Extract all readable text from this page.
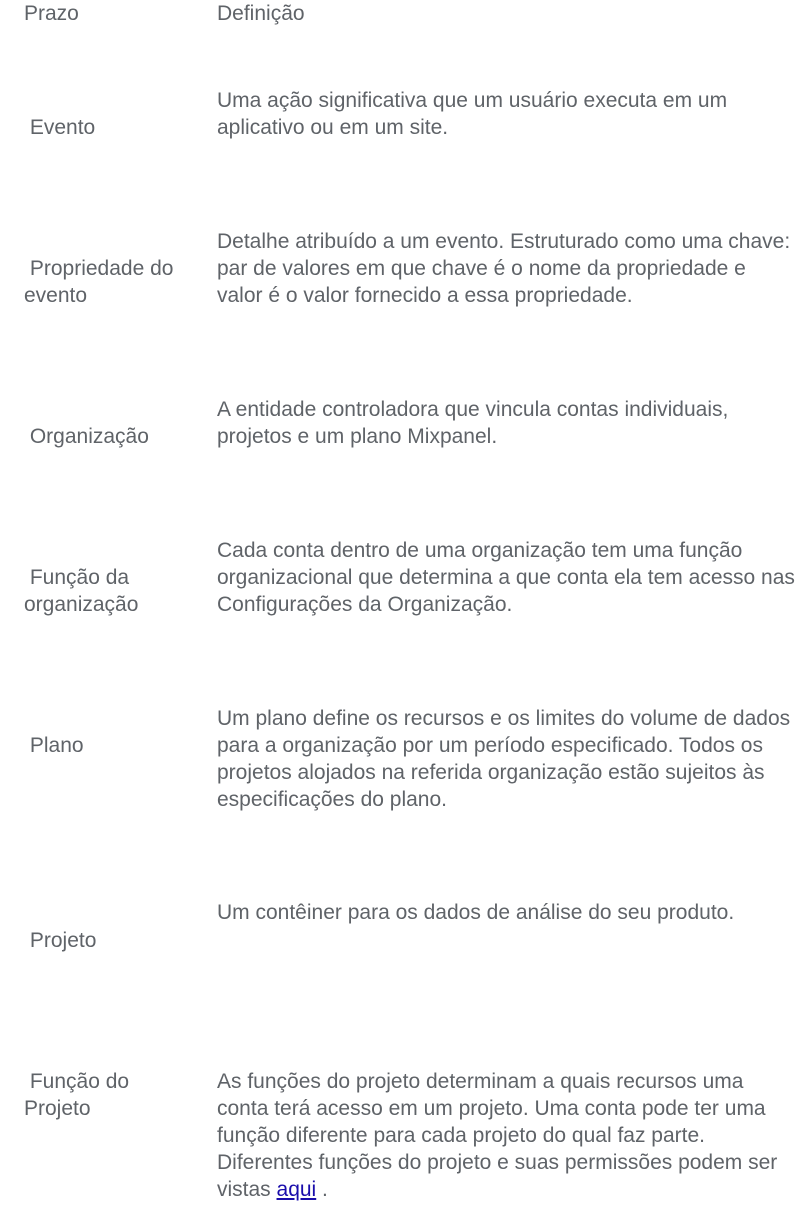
Prazo	Definição
Evento
Uma ação significativa que um usuário executa em um aplicativo ou em um site.
Propriedade do evento
Detalhe atribuído a um evento. Estruturado como uma chave: par de valores em que chave é o nome da propriedade e valor é o valor fornecido a essa propriedade.
Organização
A entidade controladora que vincula contas individuais, projetos e um plano Mixpanel.
Função da organização
Cada conta dentro de uma organização tem uma função organizacional que determina a que conta ela tem acesso nas Configurações da Organização.
Plano
Um plano define os recursos e os limites do volume de dados para a organização por um período especificado. Todos os projetos alojados na referida organização estão sujeitos às especificações do plano.
Projeto
Um contêiner para os dados de análise do seu produto.
Função do Projeto
As funções do projeto determinam a quais recursos uma conta terá acesso em um projeto. Uma conta pode ter uma função diferente para cada projeto do qual faz parte. Diferentes funções do projeto e suas permissões podem ser vistas aqui .
